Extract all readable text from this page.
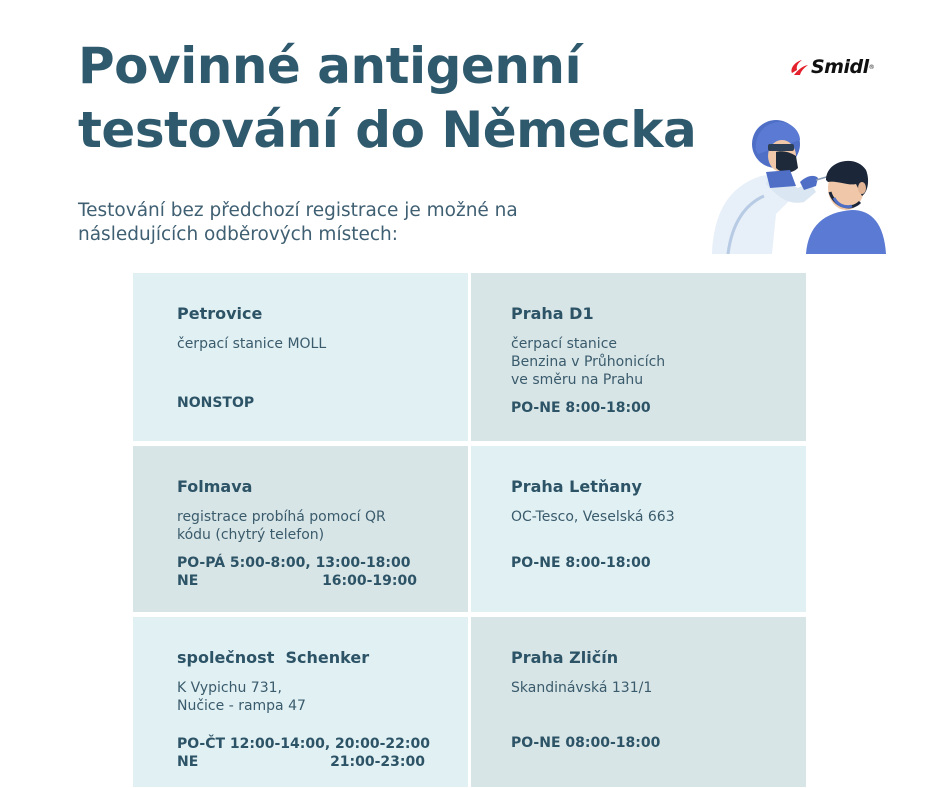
Povinné antigenní
testování do Německa
Smidl ®

Testování bez předchozí registrace je možné na
následujících odběrových místech:

Petrovice
čerpací stanice MOLL
NONSTOP
Praha D1
čerpací stanice
Benzina v Průhonicích
ve směru na Prahu
PO-NE 8:00-18:00
Folmava
registrace probíhá pomocí QR
kódu (chytrý telefon)
PO-PÁ 5:00-8:00, 13:00-18:00
NE	16:00-19:00
Praha Letňany
OC-Tesco, Veselská 663
PO-NE 8:00-18:00
společnost  Schenker
K Vypichu 731,
Nučice - rampa 47
PO-ČT 12:00-14:00, 20:00-22:00
NE	21:00-23:00
Praha Zličín
Skandinávská 131/1
PO-NE 08:00-18:00
